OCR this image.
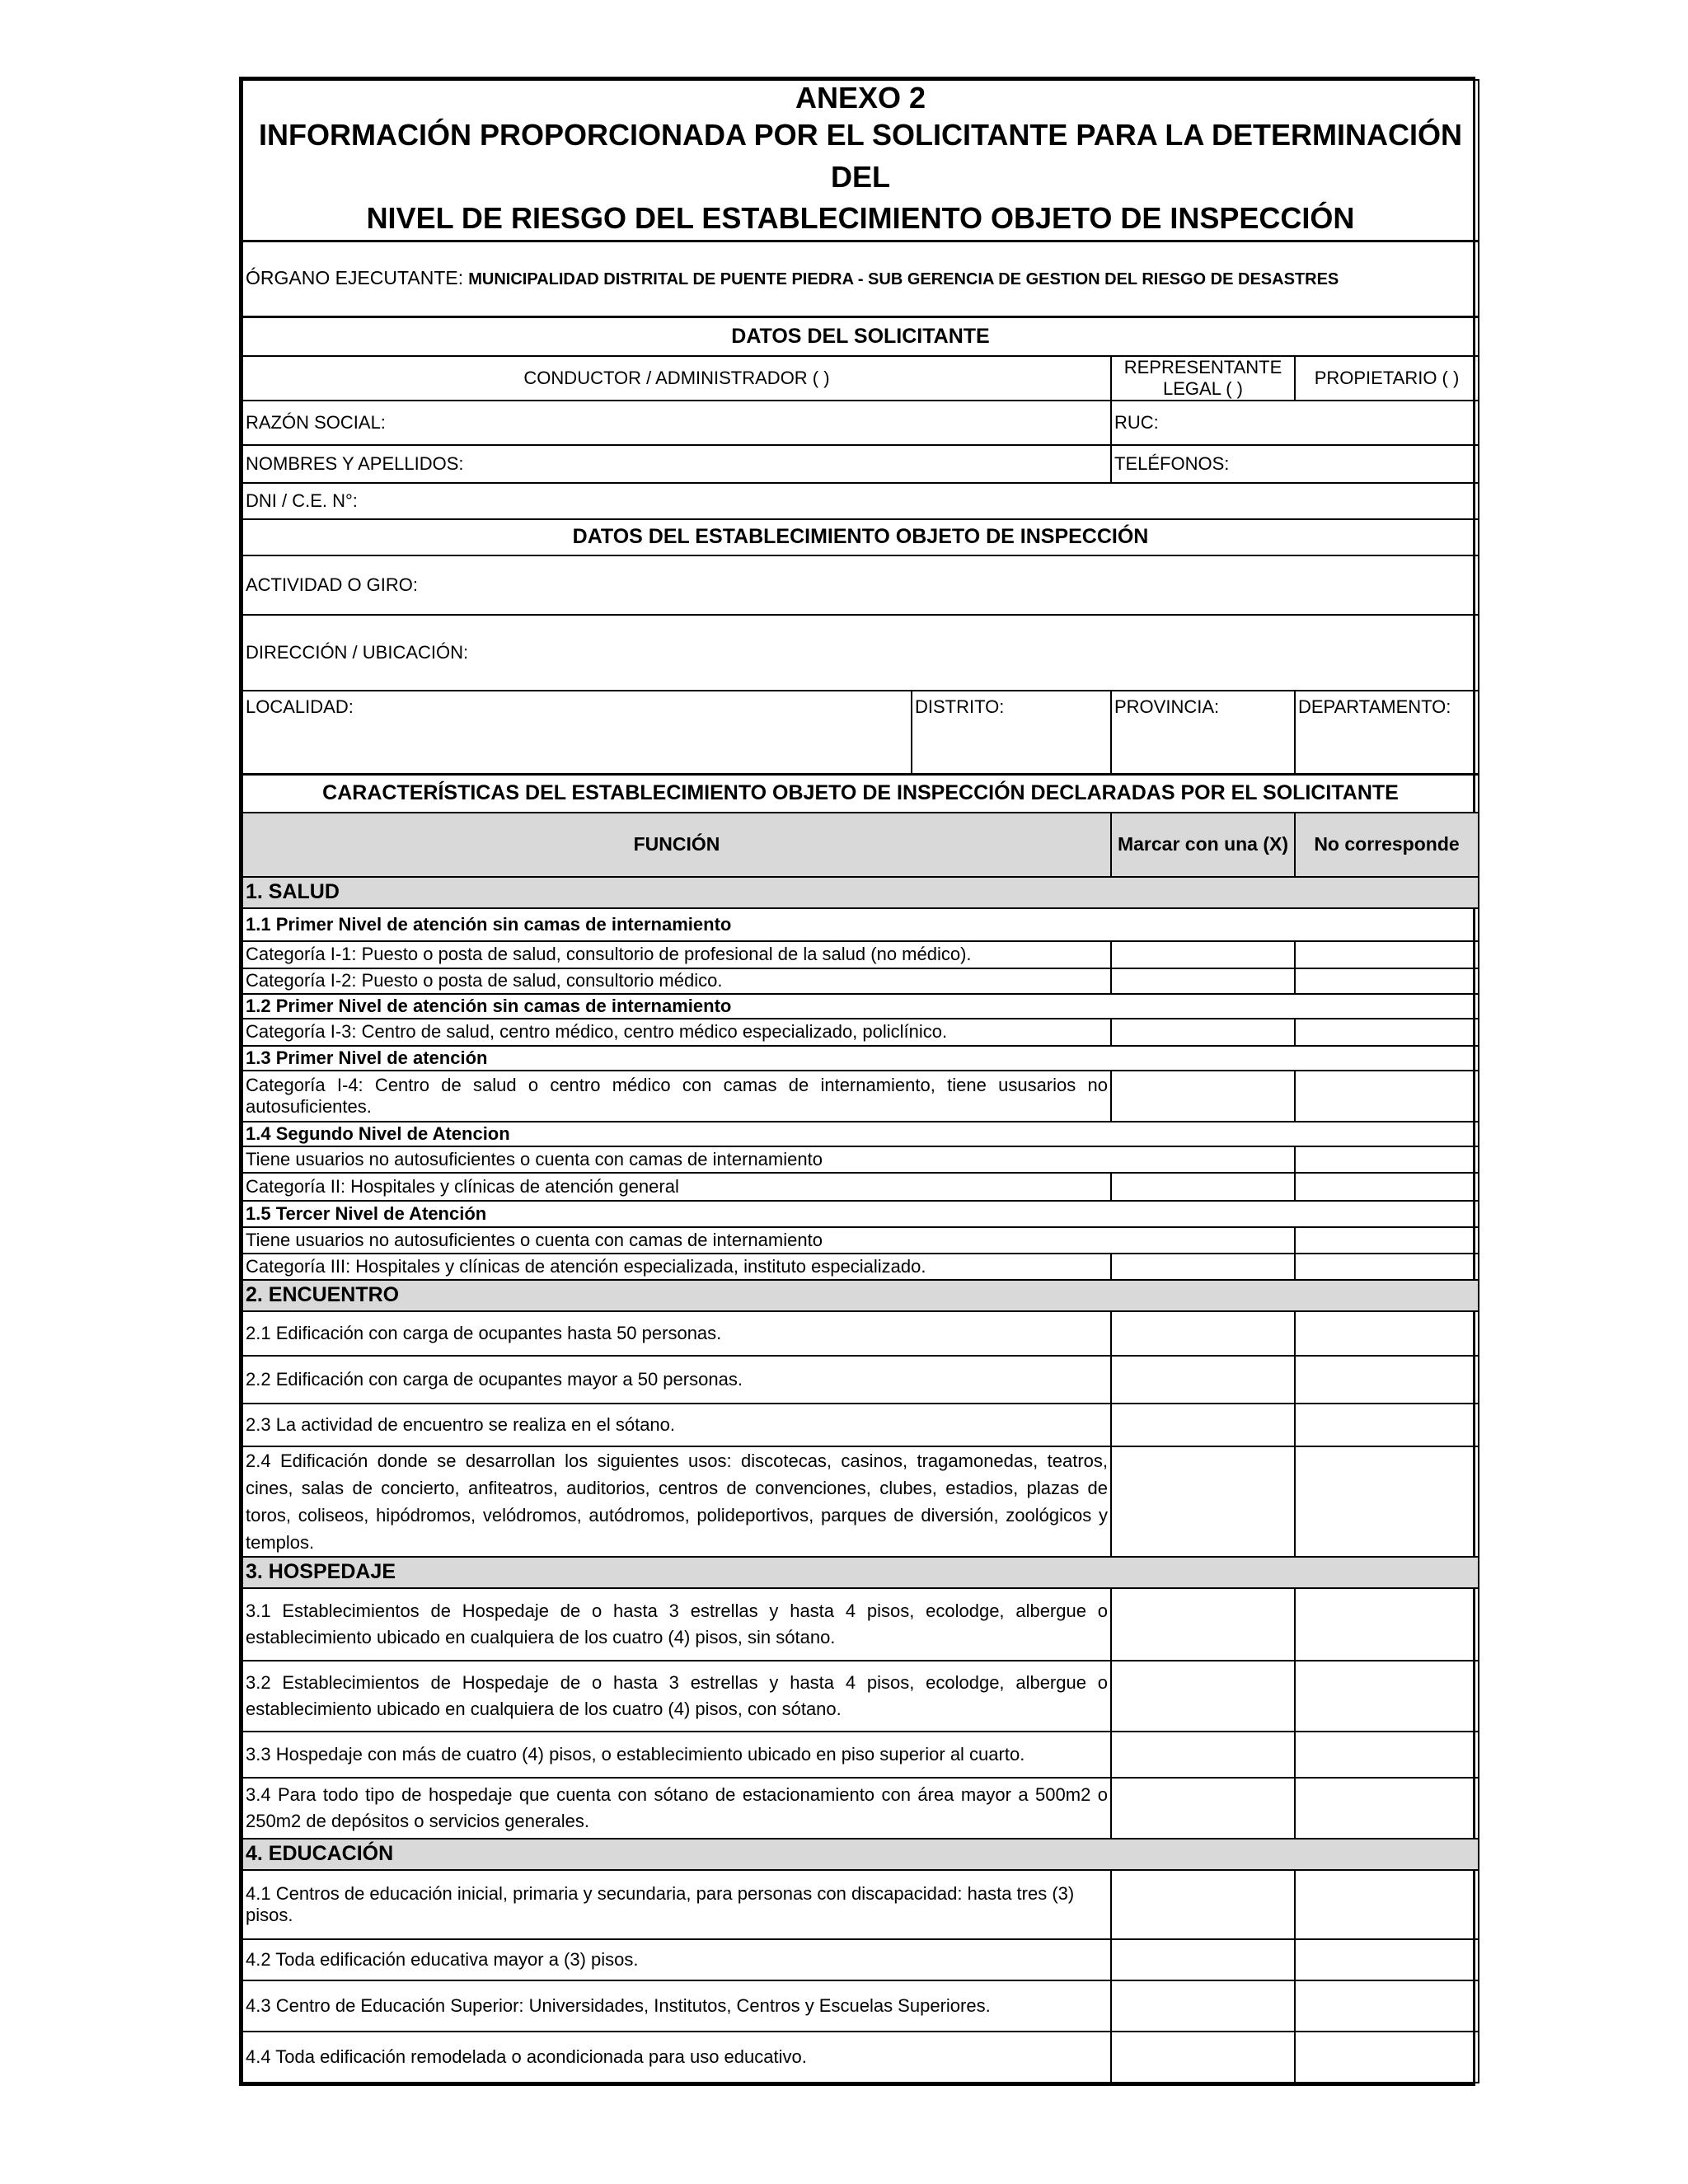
ANEXO 2
INFORMACIÓN PROPORCIONADA POR EL SOLICITANTE PARA LA DETERMINACIÓN DEL
NIVEL DE RIESGO DEL ESTABLECIMIENTO OBJETO DE INSPECCIÓN			

ÓRGANO EJECUTANTE: MUNICIPALIDAD DISTRITAL DE PUENTE PIEDRA - SUB GERENCIA DE GESTION DEL RIESGO DE DESASTRES			
DATOS DEL SOLICITANTE			
CONDUCTOR / ADMINISTRADOR ( )		REPRESENTANTE LEGAL ( )	PROPIETARIO ( )
RAZÓN SOCIAL:		RUC:	
NOMBRES Y APELLIDOS:		TELÉFONOS:	
DNI / C.E. N°:			
DATOS DEL ESTABLECIMIENTO OBJETO DE INSPECCIÓN			
ACTIVIDAD O GIRO:			
DIRECCIÓN / UBICACIÓN:			
LOCALIDAD:	DISTRITO:	PROVINCIA:	DEPARTAMENTO:
CARACTERÍSTICAS DEL ESTABLECIMIENTO OBJETO DE INSPECCIÓN DECLARADAS POR EL SOLICITANTE			
FUNCIÓN		Marcar con una (X)	No corresponde
1. SALUD			
1.1 Primer Nivel de atención sin camas de internamiento			
Categoría I-1: Puesto o posta de salud, consultorio de profesional de la salud (no médico).			
Categoría I-2: Puesto o posta de salud, consultorio médico.			
1.2 Primer Nivel de atención sin camas de internamiento			
Categoría I-3: Centro de salud, centro médico, centro médico especializado, policlínico.			
1.3 Primer Nivel de atención			
Categoría I-4: Centro de salud o centro médico con camas de internamiento, tiene ususarios no autosuficientes.			
1.4 Segundo Nivel de Atencion			
Tiene usuarios no autosuficientes o cuenta con camas de internamiento			
Categoría II: Hospitales y clínicas de atención general			
1.5 Tercer Nivel de Atención			
Tiene usuarios no autosuficientes o cuenta con camas de internamiento			
Categoría III: Hospitales y clínicas de atención especializada, instituto especializado.			
2. ENCUENTRO			
2.1 Edificación con carga de ocupantes hasta 50 personas.			
2.2 Edificación con carga de ocupantes mayor a 50 personas.			
2.3 La actividad de encuentro se realiza en el sótano.			
2.4 Edificación donde se desarrollan los siguientes usos: discotecas, casinos, tragamonedas, teatros, cines, salas de concierto, anfiteatros, auditorios, centros de convenciones, clubes, estadios, plazas de toros, coliseos, hipódromos, velódromos, autódromos, polideportivos, parques de diversión, zoológicos y templos.			
3. HOSPEDAJE			
3.1 Establecimientos de Hospedaje de o hasta 3 estrellas y hasta 4 pisos, ecolodge, albergue o establecimiento ubicado en cualquiera de los cuatro (4) pisos, sin sótano.			
3.2 Establecimientos de Hospedaje de o hasta 3 estrellas y hasta 4 pisos, ecolodge, albergue o establecimiento ubicado en cualquiera de los cuatro (4) pisos, con sótano.			
3.3 Hospedaje con más de cuatro (4) pisos, o establecimiento ubicado en piso superior al cuarto.			
3.4 Para todo tipo de hospedaje que cuenta con sótano de estacionamiento con área mayor a 500m2 o 250m2 de depósitos o servicios generales.			
4. EDUCACIÓN			
4.1 Centros de educación inicial, primaria y secundaria, para personas con discapacidad: hasta tres (3) pisos.			
4.2 Toda edificación educativa mayor a (3) pisos.			
4.3 Centro de Educación Superior: Universidades, Institutos, Centros y Escuelas Superiores.			
4.4 Toda edificación remodelada o acondicionada para uso educativo.			
